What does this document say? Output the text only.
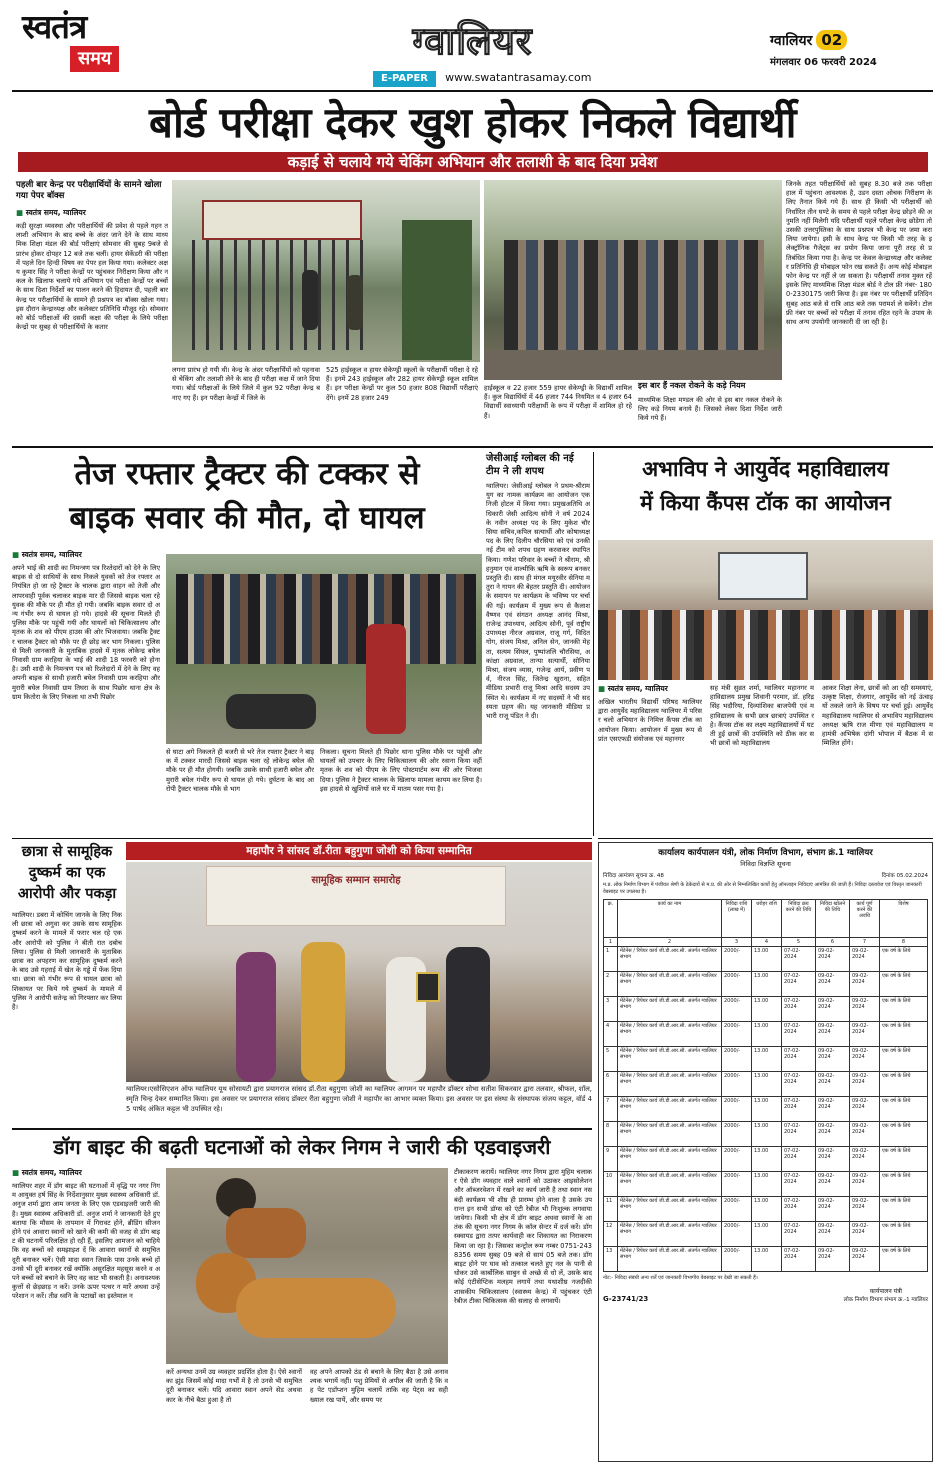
स्वतंत्र
समय	ग्वालियर
E-PAPER www.swatantrasamay.com
ग्वालियर 02
मंगलवार 06 फरवरी 2024
बोर्ड परीक्षा देकर खुश होकर निकले विद्यार्थी
कड़ाई से चलाये गये चेकिंग अभियान और तलाशी के बाद दिया प्रवेश
पहली बार केन्द्र पर परीक्षार्थियों के सामने खोला गया पेपर बॉक्स
■ स्वतंत्र समय, ग्वालियर
कड़ी सुरक्षा व्यवस्था और परीक्षार्थियों की प्रवेश से पहले गहन तलाशी अभियान के बाद बच्चे के अंदर जाने देने के साथ माध्यमिक शिक्षा मंडल की बोर्ड परीक्षाएं सोमवार की सुबह 9बजे से प्रारंभ होकर दोपहर 12 बजे तक चलीं। हायर सेकेंडरी की परीक्षा में पहले दिन हिन्दी विषय का पेपर हल किया गया। कलेक्टर अक्षय कुमार सिंह ने परीक्षा केन्द्रों पर पहुंचकर निरीक्षण किया और नकल के खिलाफ चलाये गये अभियान एवं परीक्षा केन्द्रों पर बच्चों के साथ दिशा निर्देशों का पालन करने की हिदायत दी, पहली बार केन्द्र पर परीक्षार्थियों के सामने ही प्रश्नपत्र का बॉक्स खोला गया। इस दौरान केन्द्राध्यक्ष और कलेक्टर प्रतिनिधि मौजूद रहे। सोमवार को बोर्ड परीक्षाओं की दसवीं कक्षा की परीक्षा के लिये परीक्षा केन्द्रों पर सुबह से परीक्षार्थियों के कतार
लगना प्रारंभ हो गयी थी। केन्द्र के अंदर परीक्षार्थियों को पहनावा से चेकिंग और तलाशी लेने के बाद ही परीक्षा कक्ष में जाने दिया गया। बोर्ड परीक्षाओं के लिये जिले में कुल 92 परीक्षा केन्द्र बनाए गए हैं। इन परीक्षा केन्द्रों में जिले के
525 हाईस्कूल व हायर सेकेण्ड्री स्कूलों के परीक्षार्थी परीक्षा दे रहे हैं। इनमें 243 हाईस्कूल और 282 हायर सेकेण्ड्री स्कूल शामिल हैं। इन परीक्षा केन्द्रों पर कुल 50 हजार 808 विद्यार्थी परीक्षाएं देंगे। इनमें 28 हजार 249
हाईस्कूल व 22 हजार 559 हायर सेकेण्ड्री के विद्यार्थी शामिल हैं। कुल विद्यार्थियों में 46 हजार 744 नियमित व 4 हजार 64 विद्यार्थी स्वाध्यायी परीक्षार्थी के रूप में परीक्षा में शामिल हो रहे हैं।
इस बार हैं नकल रोकने के कड़े नियम
माध्यमिक शिक्षा मण्डल की ओर से इस बार नकल रोकने के लिए कड़े नियम बनाये हैं। जिसको लेकर दिशा निर्देश जारी किये गये हैं।
जिनके तहत परीक्षार्थियों को सुबह 8.30 बजे तक परीक्षा हाल में पहुंचना आवश्यक है, उडन दस्ता ओचक निरीक्षण के लिए तैनात किये गये हैं। साथ ही किसी भी परीक्षार्थी को निर्धारित तीन घण्टे के समय से पहले परीक्षा केन्द्र छोड़ने की अनुमति नहीं मिलेगी यदि परीक्षार्थी पहले परीक्षा केन्द्र छोडेगा तो उसकी उत्तरपुस्तिका के साथ प्रश्नपत्र भी केन्द्र पर जमा करा लिया जायेगा। इसी के साथ केन्द्र पर किसी भी तरह के इलेक्ट्रॉनिक गैजेट्स का प्रयोग किया जाना पूरी तरह से प्रतिबंधित किया गया है। केन्द्र पर केवल केन्द्राध्यक्ष और कलेक्टर प्रतिनिधि ही मोबाइल फोन रख सकते हैं। अन्य कोई मोबाइल फोन केन्द्र पर नहीं ले जा सकता है। परीक्षार्थी तनाव मुक्त रहें इसके लिए माध्यमिक शिक्षा मंडल बोर्ड ने टोल फ्री नंबर- 1800-2330175 जारी किया है। इस नंबर पर परीक्षार्थी प्रतिदिन सुबह आठ बजे से रात्रि आठ बजे तक परामर्श ले सकेंगे। टोल फ्री नंबर पर बच्चों को परीक्षा में तनाव रहित रहने के उपाय के साथ अन्य उपयोगी जानकारी दी जा रही है।
तेज रफ्तार ट्रैक्टर की टक्कर से
बाइक सवार की मौत, दो घायल
■ स्वतंत्र समय, ग्वालियर
अपने भाई की शादी का निमन्त्रण पत्र रिश्तेदारों को देने के लिए बाइक से दो साथियों के साथ निकले युवकों को तेज रफ्तार अनियंत्रित हो जा रहे ट्रैक्टर के चालक द्वारा वाहन को तेजी और लापरवाही पूर्वक चलाकर बाइक मार दी जिससे बाइक चला रहे युवक की मौके पर ही मौत हो गयी। जबकि बाइक सवार दो अन्य गंभीर रूप से घायल हो गये। हादसे की सूचना मिलते ही पुलिस मौके पर पहुंची गयी और घायलों को चिकित्सालय और मृतक के शव को पीएम हाउस की ओर भिजवाया। जबकि ट्रैक्टर चालक ट्रैक्टर को मौके पर ही छोड़ कर भाग निकला। पुलिस से मिली जानकारी के मुताबिक हादसे में मृतक लोकेन्द्र बघेल निवासी ग्राम करहिया के भाई की शादी 18 फरवरी को होना है। उसी शादी के निमन्त्रण पत्र को रिश्तेदारों में देने के लिए वह अपनी बाइक से साथी हजारी बघेल निवासी ग्राम करहिया और मुरारी बघेल निवासी ग्राम तिघरा के साथ पिछोर थाना क्षेत्र के ग्राम कितोरा के लिए निकला था तभी पिछोर
से घाटा अगे निकलते ही बजरी से भरे तेज रफ्तार ट्रैक्टर ने बाइक में टक्कर मारदी जिससे बाइक चला रहे लोकेन्द्र बघेल की मौके पर ही मौत होगयी। जबकि उसके साथी हजारी बघेल और मुरारी बघेल गंभीर रूप से घायल हो गये। दुर्घटना के बाद आरोपी ट्रैक्टर चालक मौके से भाग
निकला। सूचना मिलते ही पिछोर थाना पुलिस मौके पर पहुंची और घायलों को उपचार के लिए चिकित्सालय की ओर रवाना किया वहीं मृतक के शव को पीएम के लिए पोस्टमार्टम रूम की ओर भिजवा दिया। पुलिस ने ट्रैक्टर चालक के खिलाफ मामला कायम कर लिया है। इस हादसे से खुशियों वाले घर में मातम पसर गया है।
जेसीआई ग्लोबल की नई टीम ने ली शपथ
ग्वालियर। जेसीआई ग्लोबल ने प्रथम-श्रीराम युग का नामक कार्यक्रम का आयोजन एक निजी होटल में किया गया। प्रमुखअतिथि अधिकारी जेसी आदित्य सोनी ने वर्ष 2024 के नवीन अध्यक्ष पद के लिए मुकेश चौरसिया सचिव,कपिल सत्यार्थी और कोषाध्यक्ष पद के लिए दिलीप चौरसिया को एवं उनकी नई टीम को शपथ ग्रहण करवाकर स्थापित किया। गणेश परिवार के बच्चों ने श्रीराम, श्री हनुमान एवं वाल्मीकि ऋषि के स्वरूप बनकर प्रस्तुति दी। साथ ही मंगल मयूरवीर सेनिया मतुरा ने गायन की बेहतर प्रस्तुति दी। आयोजन के समापन पर कार्यक्रम के भविष्य पर चर्चा की गई। कार्यक्रम में मुख्य रूप से कैलाश वैष्णव एवं संगठन अध्यक्ष आनंद मिश्रा, राजेन्द्र उपाध्याय, आदित्य सोनी, पूर्व राष्ट्रीय उपाध्यक्ष नीरज अग्रवाल, राजू गर्ग, विदित गोग, संजय मिश्रा, अनिल सेन, जानकी मेहता, सत्यम सिंघल, पुष्पांजलि चौरसिया, अकांक्षा अग्रवाल, तान्या सत्यार्थी, सोनिया मिश्रा, संजय व्यास, गजेन्द्र आर्य, प्रवीण पर्व, नीरज सिंह, जितेन्द्र खुराना, सहित मीडिया प्रभारी राजू मिश्रा आदि सदस्य उपस्थित थे। कार्यक्रम में नए सदस्यों ने भी सदस्यता ग्रहण की। यह जानकारी मीडिया प्रभारी राजू पंडित ने दी।
अभाविप ने आयुर्वेद महाविद्यालय
में किया कैंपस टॉक का आयोजन
■ स्वतंत्र समय, ग्वालियर
अखिल भारतीय विद्यार्थी परिषद ग्वालियर द्वारा आयुर्वेद महाविद्यालय ग्वालियर में परिसर चलो अभियान के निमित्त कैंपस टॉक का आयोजन किया। आयोजन में मुख्य रूप से प्रांत एसएफडी संयोजक एवं महानगर
सह मंत्री सुव्रत शर्मा, ग्वालियर महानगर महाविद्यालय प्रमुख शिवानी परमार, डॉ. हरिद्र सिंह भदौरिया, दिव्यांशिका बाजपेयी एवं महाविद्यालय के सभी छात्र छात्राएं उपस्थित रहे। कैंपस टॉक का लक्ष्य महाविद्यालयों में घटती हुई छात्रों की उपस्थिति को ठीक कर सभी छात्रों को महाविद्यालय
आकर शिक्षा लेना, छात्रों को आ रही समस्याएं, उत्कृष्ट शिक्षा, रोजगार, आयुर्वेद को नई ऊंचाइयों तकले जाने के विषय पर चर्चा हुई। आयुर्वेद महाविद्यालय ग्वालियर से अभाविप महाविद्यालय अध्यक्ष ऋषि राज मीणा एवं महाविद्यालय महामंत्री अभिषेक दांगी भोपाल में बैठक में सम्मिलित होंगे।
छात्रा से सामूहिक दुष्कर्म का एक आरोपी और पकड़ा
ग्वालियर। डबरा में कोचिंग जानके के लिए निकली छात्रा को अगुवा कर उसके साथ सामूहिक दुष्कर्म करने के मामले में फरार चल रहे एक और आरोपी को पुलिस ने बीती रात दबोच लिया। पुलिस से मिली जानकारी के मुताबिक छात्रा का अपहरण कर सामूहिक दुष्कर्म करने के बाद उसे गहराई में खेत के गड्ढे में फेंक दिया था। छात्रा को गंभीर रूप से घायल छात्रा को शिकायत पर किये गये दुष्कर्म के मामले में पुलिस ने आरोपी सतेन्द्र को गिरफ्तार कर लिया है।
महापौर ने सांसद डॉ.रीता बहुगुणा जोशी को किया सम्मानित
सामूहिक सम्मान समारोह
ग्वालियर।एसोसिएशन ऑफ ग्वालियर यूथ सोसायटी द्वारा प्रयागराज सांसद डॉ.रीता बहुगुणा जोशी का ग्वालियर आगमन पर महापौर डॉक्टर शोभा सतीश सिकरवार द्वारा तलवार, श्रीफल, शॉल, स्मृति चिन्ह देकर सम्मानित किया। इस अवसर पर प्रयागराज सांसद डॉक्टर रीता बहुगुणा जोशी ने महापौर का आभार व्यक्त किया। इस अवसर पर इस संस्था के संस्थापक संजय कट्टल, वॉर्ड 45 पार्षद अंकित कट्टल भी उपस्थित रहे।
डॉग बाइट की बढ़ती घटनाओं को लेकर निगम ने जारी की एडवाइजरी
■ स्वतंत्र समय, ग्वालियर
ग्वालियर शहर में डॉग बाइट की घटनाओं में वृद्धि पर नगर निगम आयुक्त हर्ष सिंह के निर्देशानुसार मुख्य स्वास्थ्य अधिकारी डॉ. अनुज शर्मा द्वारा आम जनता के लिए एक एडवाइजरी जारी की है। मुख्य स्वास्थ्य अधिकारी डॉ. अनुज शर्मा ने जानकारी देते हुए बताया कि मौसम के तापमान में गिरावट होने, ब्रीडिंग सीजन होने एवं आवारा स्वानों को खाने की कमी की वजह से डॉग बाइट की घटनायें परिलक्षित हो रही हैं, इसलिए आमजन को चाहिये कि वह बच्चों को समझाइश दें कि आवारा स्वानों से समुचित दूरी बनाकर चलें। ऐसी मादा स्वान जिसके पास उनके बच्चे हों उनसे भी दूरी बनाकर रखें क्योंकि असुरक्षित महसूस करने व अपने बच्चों को बचाने के लिए वह काट भी सकती है। अनावश्यक कुत्तों से छेड़छाड़ न करें। उनके ऊपर पत्थर न मारें अथवा उन्हें परेशान न करें। तीव्र ध्वनि के पटाखों का इस्तेमाल न
करें अन्यथा उनमें उग्र व्यवहार प्रदर्शित होता है। ऐसे श्वानों का झुंड जिसमें कोई मादा गर्भों में है तो उनसे भी समुचित दूरी बनाकर चलें। यदि आवारा स्वान अपने सेड अथवा कार के नीचे बैठा हुआ है तो
वह अपने आपको ठंड से बचाने के लिए बैठा है उसे अनावश्यक भगायें नहीं। पशु प्रेमियों से अपील की जाती है कि वह पेट एडॉप्शन मुहिम चलायें ताकि वह पेट्स का सही ख्याल रख पायें, और समय पर
टीकाकरण करायें। ग्वालियर नगर निगम द्वारा मुहिम चलाकर ऐसे डॉग व्यवहार वाले श्वानों को उठाकर आइसोलेशन और ऑब्जरवेशन में रखने का कार्य जारी है तथा स्वान नसबंदी कार्यक्रम भी शीघ्र ही प्रारम्भ होने वाला है उसके उपरान्त इन सभी डॉग्स को एंटी रेबीज भी निःशुल्क लगवाया जावेगा। किसी भी क्षेत्र में डॉग बाइट अथवा स्वानों के आतंक की सूचना नगर निगम के कॉल सेन्टर में दर्ज करें। डॉग स्क्वायड द्वारा तत्पर कार्यवाही कर शिकायत का निराकरण किया जा रहा है। जिसका कन्ट्रोल रूम नम्बर 0751-2438356 समय सुबह 09 बजे से सायं 05 बजे तक। डॉग बाइट होने पर घाव को तत्काल चलते हुए नल के पानी से धोकर उसे कार्बोलिक साबुन से अच्छे से धो लें, उसके बाद कोई एंटीसेप्टिक मलहम लगायें तथा यथाशीघ्र नजदीकी शासकीय चिकित्सालय (स्वास्थ्य केन्द्र) में पहुंचकर एंटी रेबीज टीका चिकित्सक की सलाह से लगवायें।
कार्यालय कार्यपालन यंत्री, लोक निर्माण विभाग, संभाग क्रं.1 ग्वालियर
निविदा विज्ञप्ति सूचना
निविदा आमंत्रण सूचना क्र. 48	दिनांक 05.02.2024
म.प्र. लोक निर्माण विभाग में पंजीयत श्रेणी के ठेकेदारों से म.प्र. की ओर से निम्नलिखित कार्यों हेतु ऑनलाइन निविदाएं आमंत्रित की जाती हैं। निविदा दस्तावेज एवं विस्तृत जानकारी वेबसाइट पर उपलब्ध है।
क्र.	कार्य का नाम	निविदा राशि (लाख में)	धरोहर राशि	निविदा क्रय करने की तिथि	निविदा खोलने की तिथि	कार्य पूर्ण करने की अवधि	विशेष
1	2	3	4	5	6	7	8
1	मेंटेनेंस / रिपेयर कार्य जी.डी.आर.सी. अंतर्गत ग्वालियर संभाग	2000/-	13.00	07-02-2024	09-02-2024	09-02-2024	एक वर्ष के लिये
2	मेंटेनेंस / रिपेयर कार्य जी.डी.आर.सी. अंतर्गत ग्वालियर संभाग	2000/-	13.00	07-02-2024	09-02-2024	09-02-2024	एक वर्ष के लिये
3	मेंटेनेंस / रिपेयर कार्य जी.डी.आर.सी. अंतर्गत ग्वालियर संभाग	2000/-	13.00	07-02-2024	09-02-2024	09-02-2024	एक वर्ष के लिये
4	मेंटेनेंस / रिपेयर कार्य जी.डी.आर.सी. अंतर्गत ग्वालियर संभाग	2000/-	13.00	07-02-2024	09-02-2024	09-02-2024	एक वर्ष के लिये
5	मेंटेनेंस / रिपेयर कार्य जी.डी.आर.सी. अंतर्गत ग्वालियर संभाग	2000/-	13.00	07-02-2024	09-02-2024	09-02-2024	एक वर्ष के लिये
6	मेंटेनेंस / रिपेयर कार्य जी.डी.आर.सी. अंतर्गत ग्वालियर संभाग	2000/-	13.00	07-02-2024	09-02-2024	09-02-2024	एक वर्ष के लिये
7	मेंटेनेंस / रिपेयर कार्य जी.डी.आर.सी. अंतर्गत ग्वालियर संभाग	2000/-	13.00	07-02-2024	09-02-2024	09-02-2024	एक वर्ष के लिये
8	मेंटेनेंस / रिपेयर कार्य जी.डी.आर.सी. अंतर्गत ग्वालियर संभाग	2000/-	13.00	07-02-2024	09-02-2024	09-02-2024	एक वर्ष के लिये
9	मेंटेनेंस / रिपेयर कार्य जी.डी.आर.सी. अंतर्गत ग्वालियर संभाग	2000/-	13.00	07-02-2024	09-02-2024	09-02-2024	एक वर्ष के लिये
10	मेंटेनेंस / रिपेयर कार्य जी.डी.आर.सी. अंतर्गत ग्वालियर संभाग	2000/-	13.00	07-02-2024	09-02-2024	09-02-2024	एक वर्ष के लिये
11	मेंटेनेंस / रिपेयर कार्य जी.डी.आर.सी. अंतर्गत ग्वालियर संभाग	2000/-	13.00	07-02-2024	09-02-2024	09-02-2024	एक वर्ष के लिये
12	मेंटेनेंस / रिपेयर कार्य जी.डी.आर.सी. अंतर्गत ग्वालियर संभाग	2000/-	13.00	07-02-2024	09-02-2024	09-02-2024	एक वर्ष के लिये
13	मेंटेनेंस / रिपेयर कार्य जी.डी.आर.सी. अंतर्गत ग्वालियर संभाग	2000/-	13.00	07-02-2024	09-02-2024	09-02-2024	एक वर्ष के लिये
नोट:- निविदा संबंधी अन्य शर्तें एवं जानकारी विभागीय वेबसाइट पर देखी जा सकती हैं।
G-23741/23
कार्यपालन यंत्री
लोक निर्माण विभाग संभाग क्र.-1 ग्वालियर
